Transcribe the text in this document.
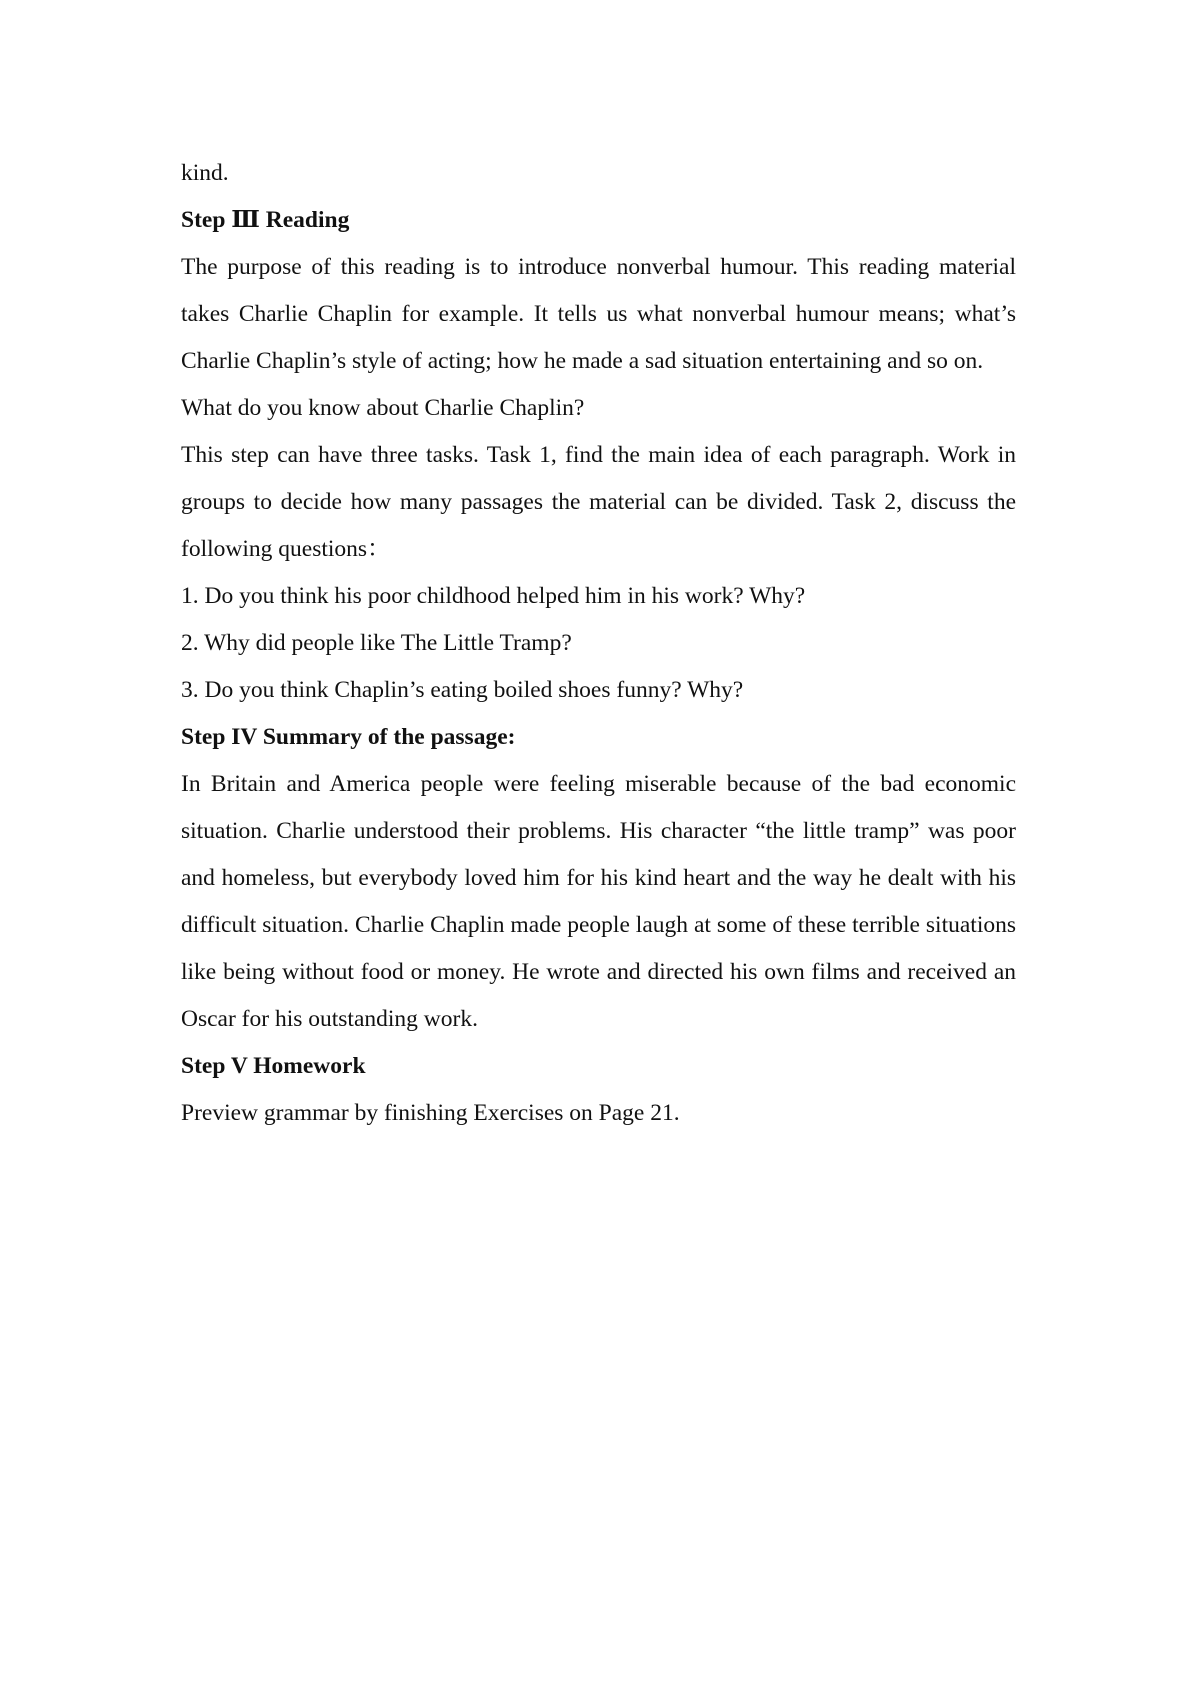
kind.

Step Ⅲ Reading

The purpose of this reading is to introduce nonverbal humour. This reading material takes Charlie Chaplin for example. It tells us what nonverbal humour means; what’s Charlie Chaplin’s style of acting; how he made a sad situation entertaining and so on.

What do you know about Charlie Chaplin?

This step can have three tasks. Task 1, find the main idea of each paragraph. Work in groups to decide how many passages the material can be divided. Task 2, discuss the following questions：

1. Do you think his poor childhood helped him in his work? Why?

2. Why did people like The Little Tramp?

3. Do you think Chaplin’s eating boiled shoes funny? Why?

Step IV Summary of the passage:

In Britain and America people were feeling miserable because of the bad economic situation. Charlie understood their problems. His character “the little tramp” was poor and homeless, but everybody loved him for his kind heart and the way he dealt with his difficult situation. Charlie Chaplin made people laugh at some of these terrible situations like being without food or money. He wrote and directed his own films and received an Oscar for his outstanding work.

Step V Homework

Preview grammar by finishing Exercises on Page 21.
